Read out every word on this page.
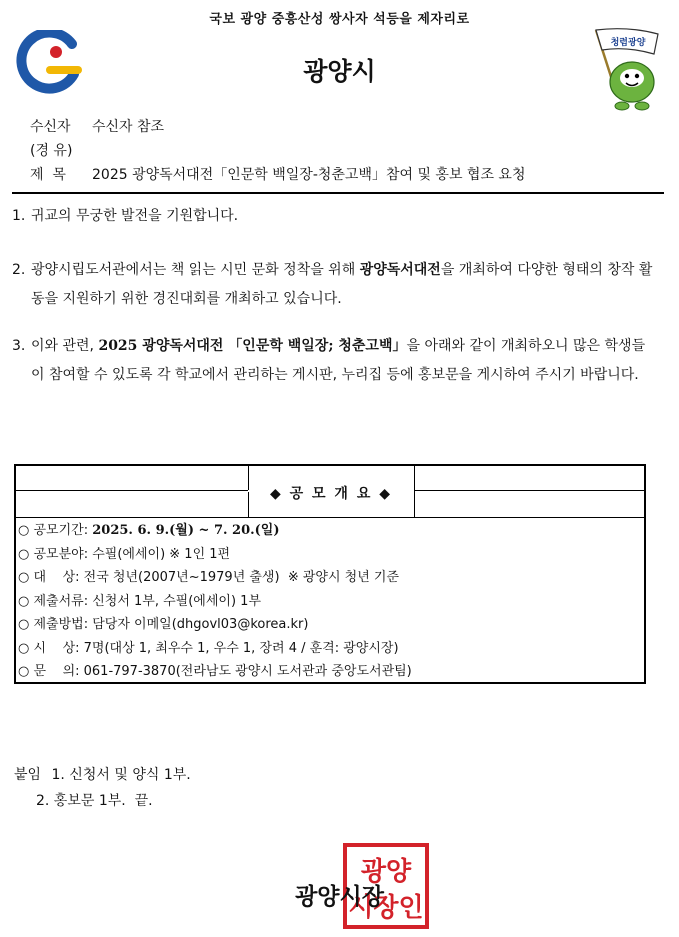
국보 광양 중흥산성 쌍사자 석등을 제자리로
광양시
청렴광양
수신자	수신자 참조
(경 유)
제  목	2025 광양독서대전「인문학 백일장-청춘고백」참여 및 홍보 협조 요청
1. 귀교의 무궁한 발전을 기원합니다.
2. 광양시립도서관에서는 책 읽는 시민 문화 정착을 위해 광양독서대전을 개최하여 다양한 형태의 창작 활동을 지원하기 위한 경진대회를 개최하고 있습니다.
3. 이와 관련, 2025 광양독서대전 「인문학 백일장; 청춘고백」을 아래와 같이 개최하오니 많은 학생들이 참여할 수 있도록 각 학교에서 관리하는 게시판, 누리집 등에 홍보문을 게시하여 주시기 바랍니다.
◆ 공 모 개 요 ◆
○ 공모기간: 2025. 6. 9.(월) ~ 7. 20.(일)
○ 공모분야: 수필(에세이) ※ 1인 1편
○ 대    상: 전국 청년(2007년~1979년 출생)  ※ 광양시 청년 기준
○ 제출서류: 신청서 1부, 수필(에세이) 1부
○ 제출방법: 담당자 이메일(dhgovl03@korea.kr)
○ 시    상: 7명(대상 1, 최우수 1, 우수 1, 장려 4 / 훈격: 광양시장)
○ 문    의: 061-797-3870(전라남도 광양시 도서관과 중앙도서관팀)
붙임 1. 신청서 및 양식 1부.
2. 홍보문 1부.  끝.
광양
시장인
광양시장
